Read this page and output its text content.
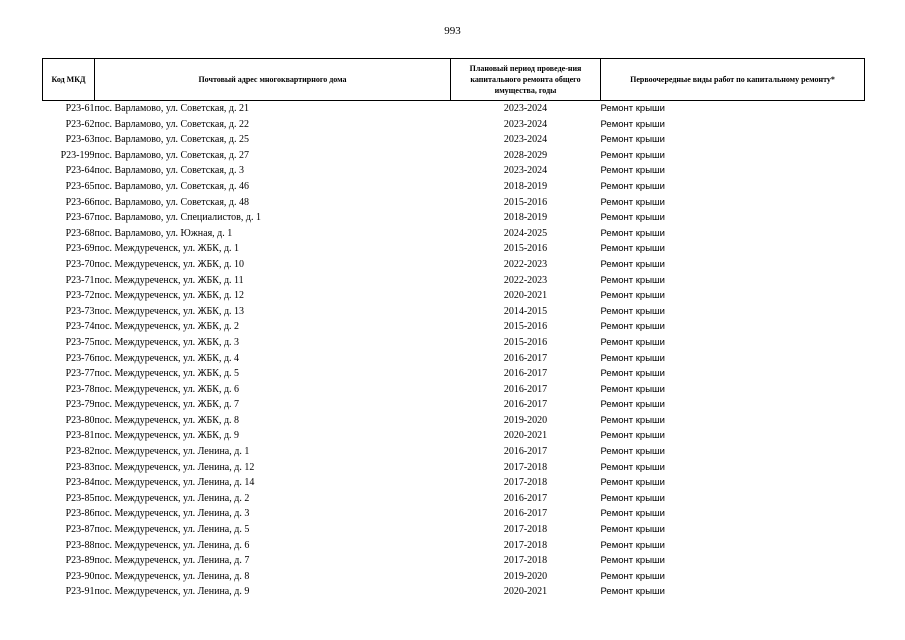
993
Код МКД	Почтовый адрес многоквартирного дома	Плановый период проведе-ния капитального ремонта общего имущества, годы	Первоочередные виды работ по капитальному ремонту*
Р23-61	пос. Варламово, ул. Советская, д. 21	2023-2024	Ремонт крыши
Р23-62	пос. Варламово, ул. Советская, д. 22	2023-2024	Ремонт крыши
Р23-63	пос. Варламово, ул. Советская, д. 25	2023-2024	Ремонт крыши
Р23-199	пос. Варламово, ул. Советская, д. 27	2028-2029	Ремонт крыши
Р23-64	пос. Варламово, ул. Советская, д. 3	2023-2024	Ремонт крыши
Р23-65	пос. Варламово, ул. Советская, д. 46	2018-2019	Ремонт крыши
Р23-66	пос. Варламово, ул. Советская, д. 48	2015-2016	Ремонт крыши
Р23-67	пос. Варламово, ул. Специалистов, д. 1	2018-2019	Ремонт крыши
Р23-68	пос. Варламово, ул. Южная, д. 1	2024-2025	Ремонт крыши
Р23-69	пос. Междуреченск, ул. ЖБК, д. 1	2015-2016	Ремонт крыши
Р23-70	пос. Междуреченск, ул. ЖБК, д. 10	2022-2023	Ремонт крыши
Р23-71	пос. Междуреченск, ул. ЖБК, д. 11	2022-2023	Ремонт крыши
Р23-72	пос. Междуреченск, ул. ЖБК, д. 12	2020-2021	Ремонт крыши
Р23-73	пос. Междуреченск, ул. ЖБК, д. 13	2014-2015	Ремонт крыши
Р23-74	пос. Междуреченск, ул. ЖБК, д. 2	2015-2016	Ремонт крыши
Р23-75	пос. Междуреченск, ул. ЖБК, д. 3	2015-2016	Ремонт крыши
Р23-76	пос. Междуреченск, ул. ЖБК, д. 4	2016-2017	Ремонт крыши
Р23-77	пос. Междуреченск, ул. ЖБК, д. 5	2016-2017	Ремонт крыши
Р23-78	пос. Междуреченск, ул. ЖБК, д. 6	2016-2017	Ремонт крыши
Р23-79	пос. Междуреченск, ул. ЖБК, д. 7	2016-2017	Ремонт крыши
Р23-80	пос. Междуреченск, ул. ЖБК, д. 8	2019-2020	Ремонт крыши
Р23-81	пос. Междуреченск, ул. ЖБК, д. 9	2020-2021	Ремонт крыши
Р23-82	пос. Междуреченск, ул. Ленина, д. 1	2016-2017	Ремонт крыши
Р23-83	пос. Междуреченск, ул. Ленина, д. 12	2017-2018	Ремонт крыши
Р23-84	пос. Междуреченск, ул. Ленина, д. 14	2017-2018	Ремонт крыши
Р23-85	пос. Междуреченск, ул. Ленина, д. 2	2016-2017	Ремонт крыши
Р23-86	пос. Междуреченск, ул. Ленина, д. 3	2016-2017	Ремонт крыши
Р23-87	пос. Междуреченск, ул. Ленина, д. 5	2017-2018	Ремонт крыши
Р23-88	пос. Междуреченск, ул. Ленина, д. 6	2017-2018	Ремонт крыши
Р23-89	пос. Междуреченск, ул. Ленина, д. 7	2017-2018	Ремонт крыши
Р23-90	пос. Междуреченск, ул. Ленина, д. 8	2019-2020	Ремонт крыши
Р23-91	пос. Междуреченск, ул. Ленина, д. 9	2020-2021	Ремонт крыши
